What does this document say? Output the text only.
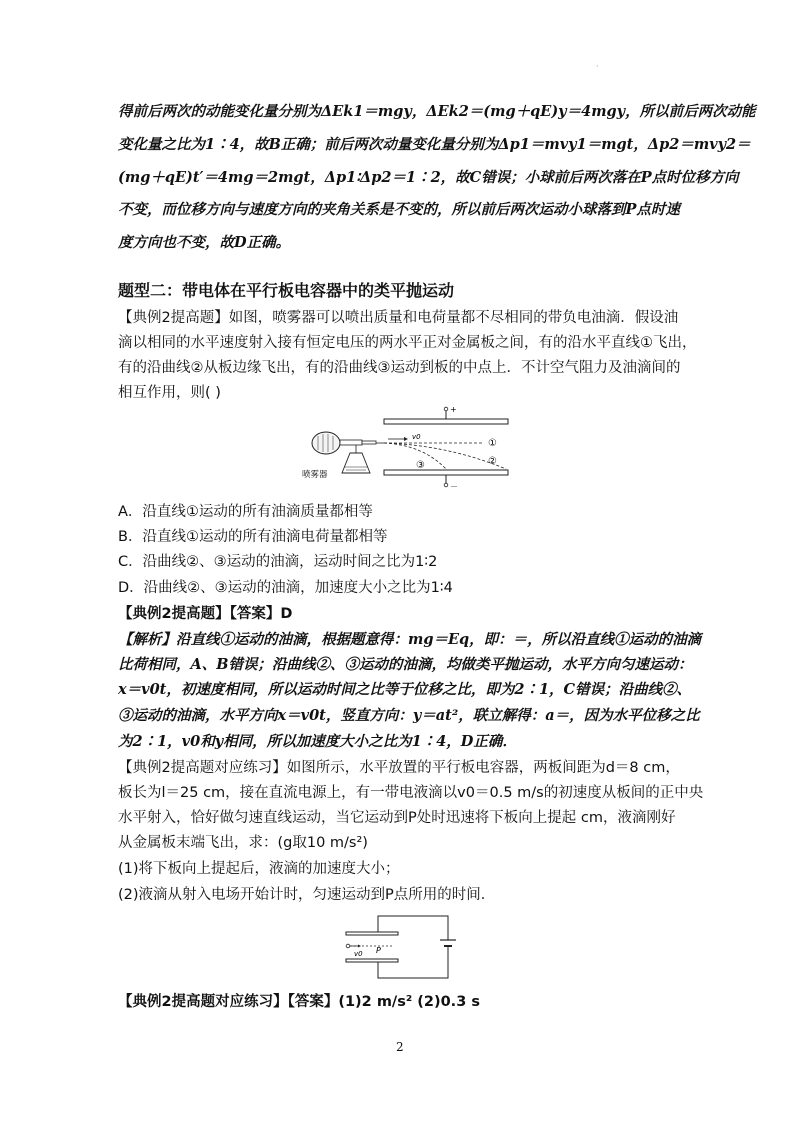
·
得前后两次的动能变化量分别为ΔEk1＝mgy，ΔEk2＝(mg＋qE)y＝4mgy，所以前后两次动能
变化量之比为1∶4，故B正确；前后两次动量变化量分别为Δp1＝mvy1＝mgt，Δp2＝mvy2＝
(mg＋qE)t′＝4mg＝2mgt，Δp1∶Δp2＝1∶2，故C错误；小球前后两次落在P点时位移方向
不变，而位移方向与速度方向的夹角关系是不变的，所以前后两次运动小球落到P点时速
度方向也不变，故D正确。
题型二：带电体在平行板电容器中的类平抛运动
【典例2提高题】如图，喷雾器可以喷出质量和电荷量都不尽相同的带负电油滴．假设油
滴以相同的水平速度射入接有恒定电压的两水平正对金属板之间，有的沿水平直线①飞出，
有的沿曲线②从板边缘飞出，有的沿曲线③运动到板的中点上．不计空气阻力及油滴间的
相互作用，则( )
+
－
喷雾器
v0
①
②
③
A．沿直线①运动的所有油滴质量都相等
B．沿直线①运动的所有油滴电荷量都相等
C．沿曲线②、③运动的油滴，运动时间之比为1∶2
D．沿曲线②、③运动的油滴，加速度大小之比为1∶4
【典例2提高题】【答案】D
【解析】沿直线①运动的油滴，根据题意得：mg＝Eq，即：＝，所以沿直线①运动的油滴
比荷相同，A、B错误；沿曲线②、③运动的油滴，均做类平抛运动，水平方向匀速运动：
x＝v0t，初速度相同，所以运动时间之比等于位移之比，即为2∶1，C错误；沿曲线②、
③运动的油滴，水平方向x＝v0t，竖直方向：y＝at²，联立解得：a＝，因为水平位移之比
为2∶1，v0和y相同，所以加速度大小之比为1∶4，D正确．
【典例2提高题对应练习】如图所示，水平放置的平行板电容器，两板间距为d＝8 cm，
板长为l＝25 cm，接在直流电源上，有一带电液滴以v0＝0.5 m/s的初速度从板间的正中央
水平射入，恰好做匀速直线运动，当它运动到P处时迅速将下板向上提起 cm，液滴刚好
从金属板末端飞出，求：(g取10 m/s²)
(1)将下板向上提起后，液滴的加速度大小；
(2)液滴从射入电场开始计时，匀速运动到P点所用的时间．
v0 P
【典例2提高题对应练习】【答案】(1)2 m/s² (2)0.3 s
2
